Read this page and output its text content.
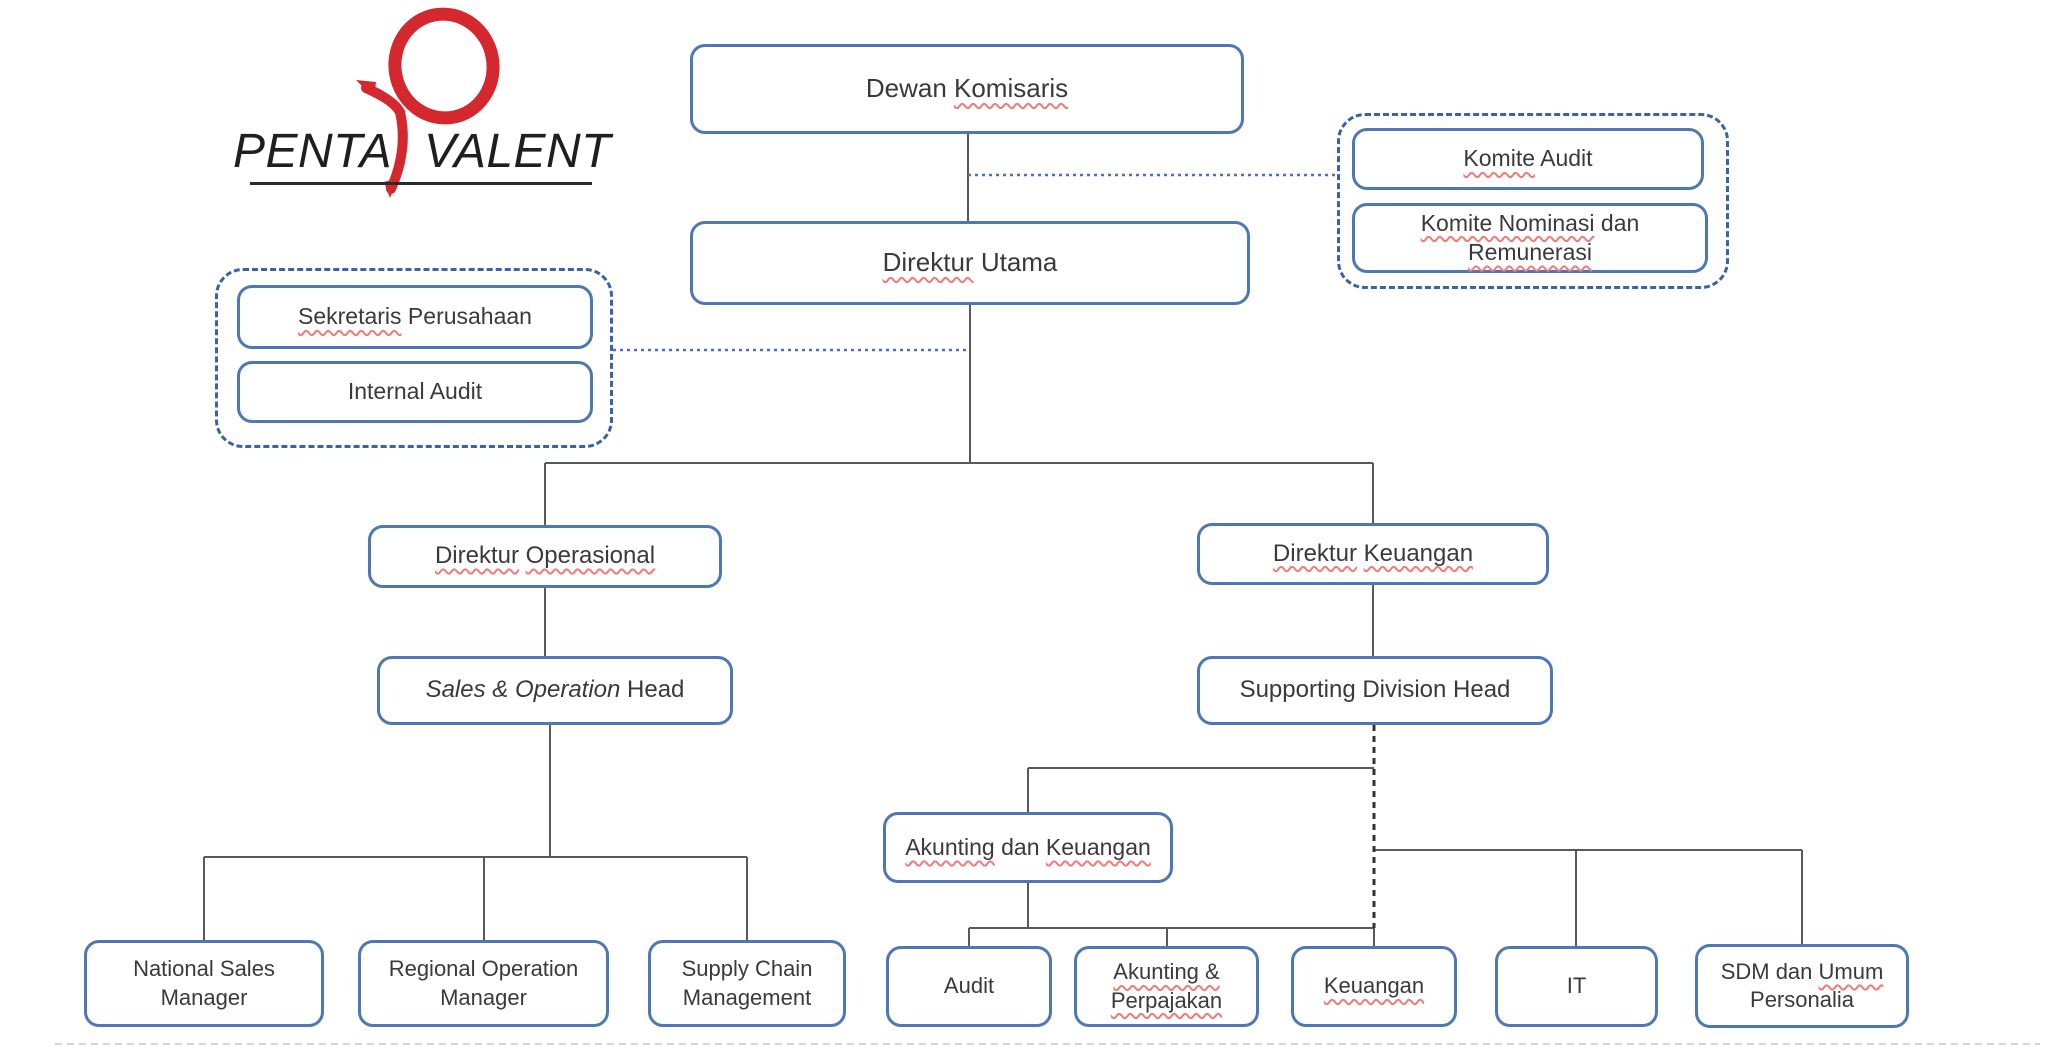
PENTA VALENT
Dewan Komisaris
Direktur Utama
Komite Audit
Komite Nominasi dan
Remunerasi
Sekretaris Perusahaan
Internal Audit
Direktur Operasional	Direktur Keuangan
Sales & Operation Head	Supporting Division Head
Akunting dan Keuangan
National Sales
Manager
Regional Operation
Manager
Supply Chain
Management	Audit
Akunting &
Perpajakan
Keuangan	IT
SDM dan Umum
Personalia
